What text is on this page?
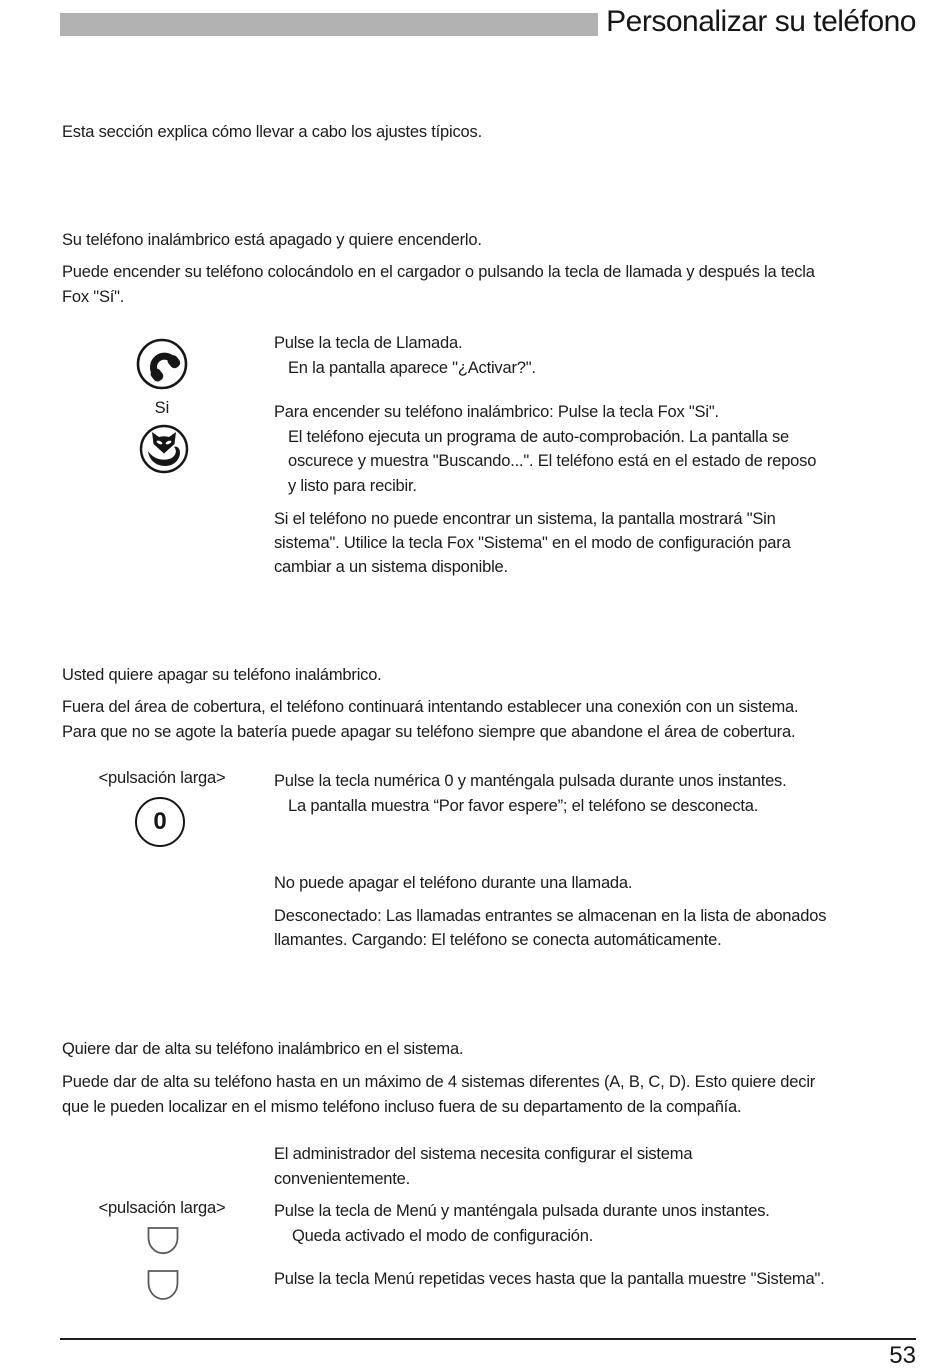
Personalizar su teléfono
Esta sección explica cómo llevar a cabo los ajustes típicos.
Su teléfono inalámbrico está apagado y quiere encenderlo.
Puede encender su teléfono colocándolo en el cargador o pulsando la tecla de llamada y después la tecla
Fox "Sí".
Pulse la tecla de Llamada.
En la pantalla aparece "¿Activar?".
Si	Para encender su teléfono inalámbrico: Pulse la tecla Fox "Si".
El teléfono ejecuta un programa de auto-comprobación. La pantalla se
oscurece y muestra "Buscando...". El teléfono está en el estado de reposo
y listo para recibir.
Si el teléfono no puede encontrar un sistema, la pantalla mostrará "Sin
sistema". Utilice la tecla Fox "Sistema" en el modo de configuración para
cambiar a un sistema disponible.
Usted quiere apagar su teléfono inalámbrico.
Fuera del área de cobertura, el teléfono continuará intentando establecer una conexión con un sistema.
Para que no se agote la batería puede apagar su teléfono siempre que abandone el área de cobertura.
<pulsación larga>	Pulse la tecla numérica 0 y manténgala pulsada durante unos instantes.
La pantalla muestra “Por favor espere”; el teléfono se desconecta.
0
No puede apagar el teléfono durante una llamada.
Desconectado: Las llamadas entrantes se almacenan en la lista de abonados
llamantes. Cargando: El teléfono se conecta automáticamente.
Quiere dar de alta su teléfono inalámbrico en el sistema.
Puede dar de alta su teléfono hasta en un máximo de 4 sistemas diferentes (A, B, C, D). Esto quiere decir
que le pueden localizar en el mismo teléfono incluso fuera de su departamento de la compañía.
El administrador del sistema necesita configurar el sistema
convenientemente.
<pulsación larga>	Pulse la tecla de Menú y manténgala pulsada durante unos instantes.
Queda activado el modo de configuración.
Pulse la tecla Menú repetidas veces hasta que la pantalla muestre "Sistema".
53
